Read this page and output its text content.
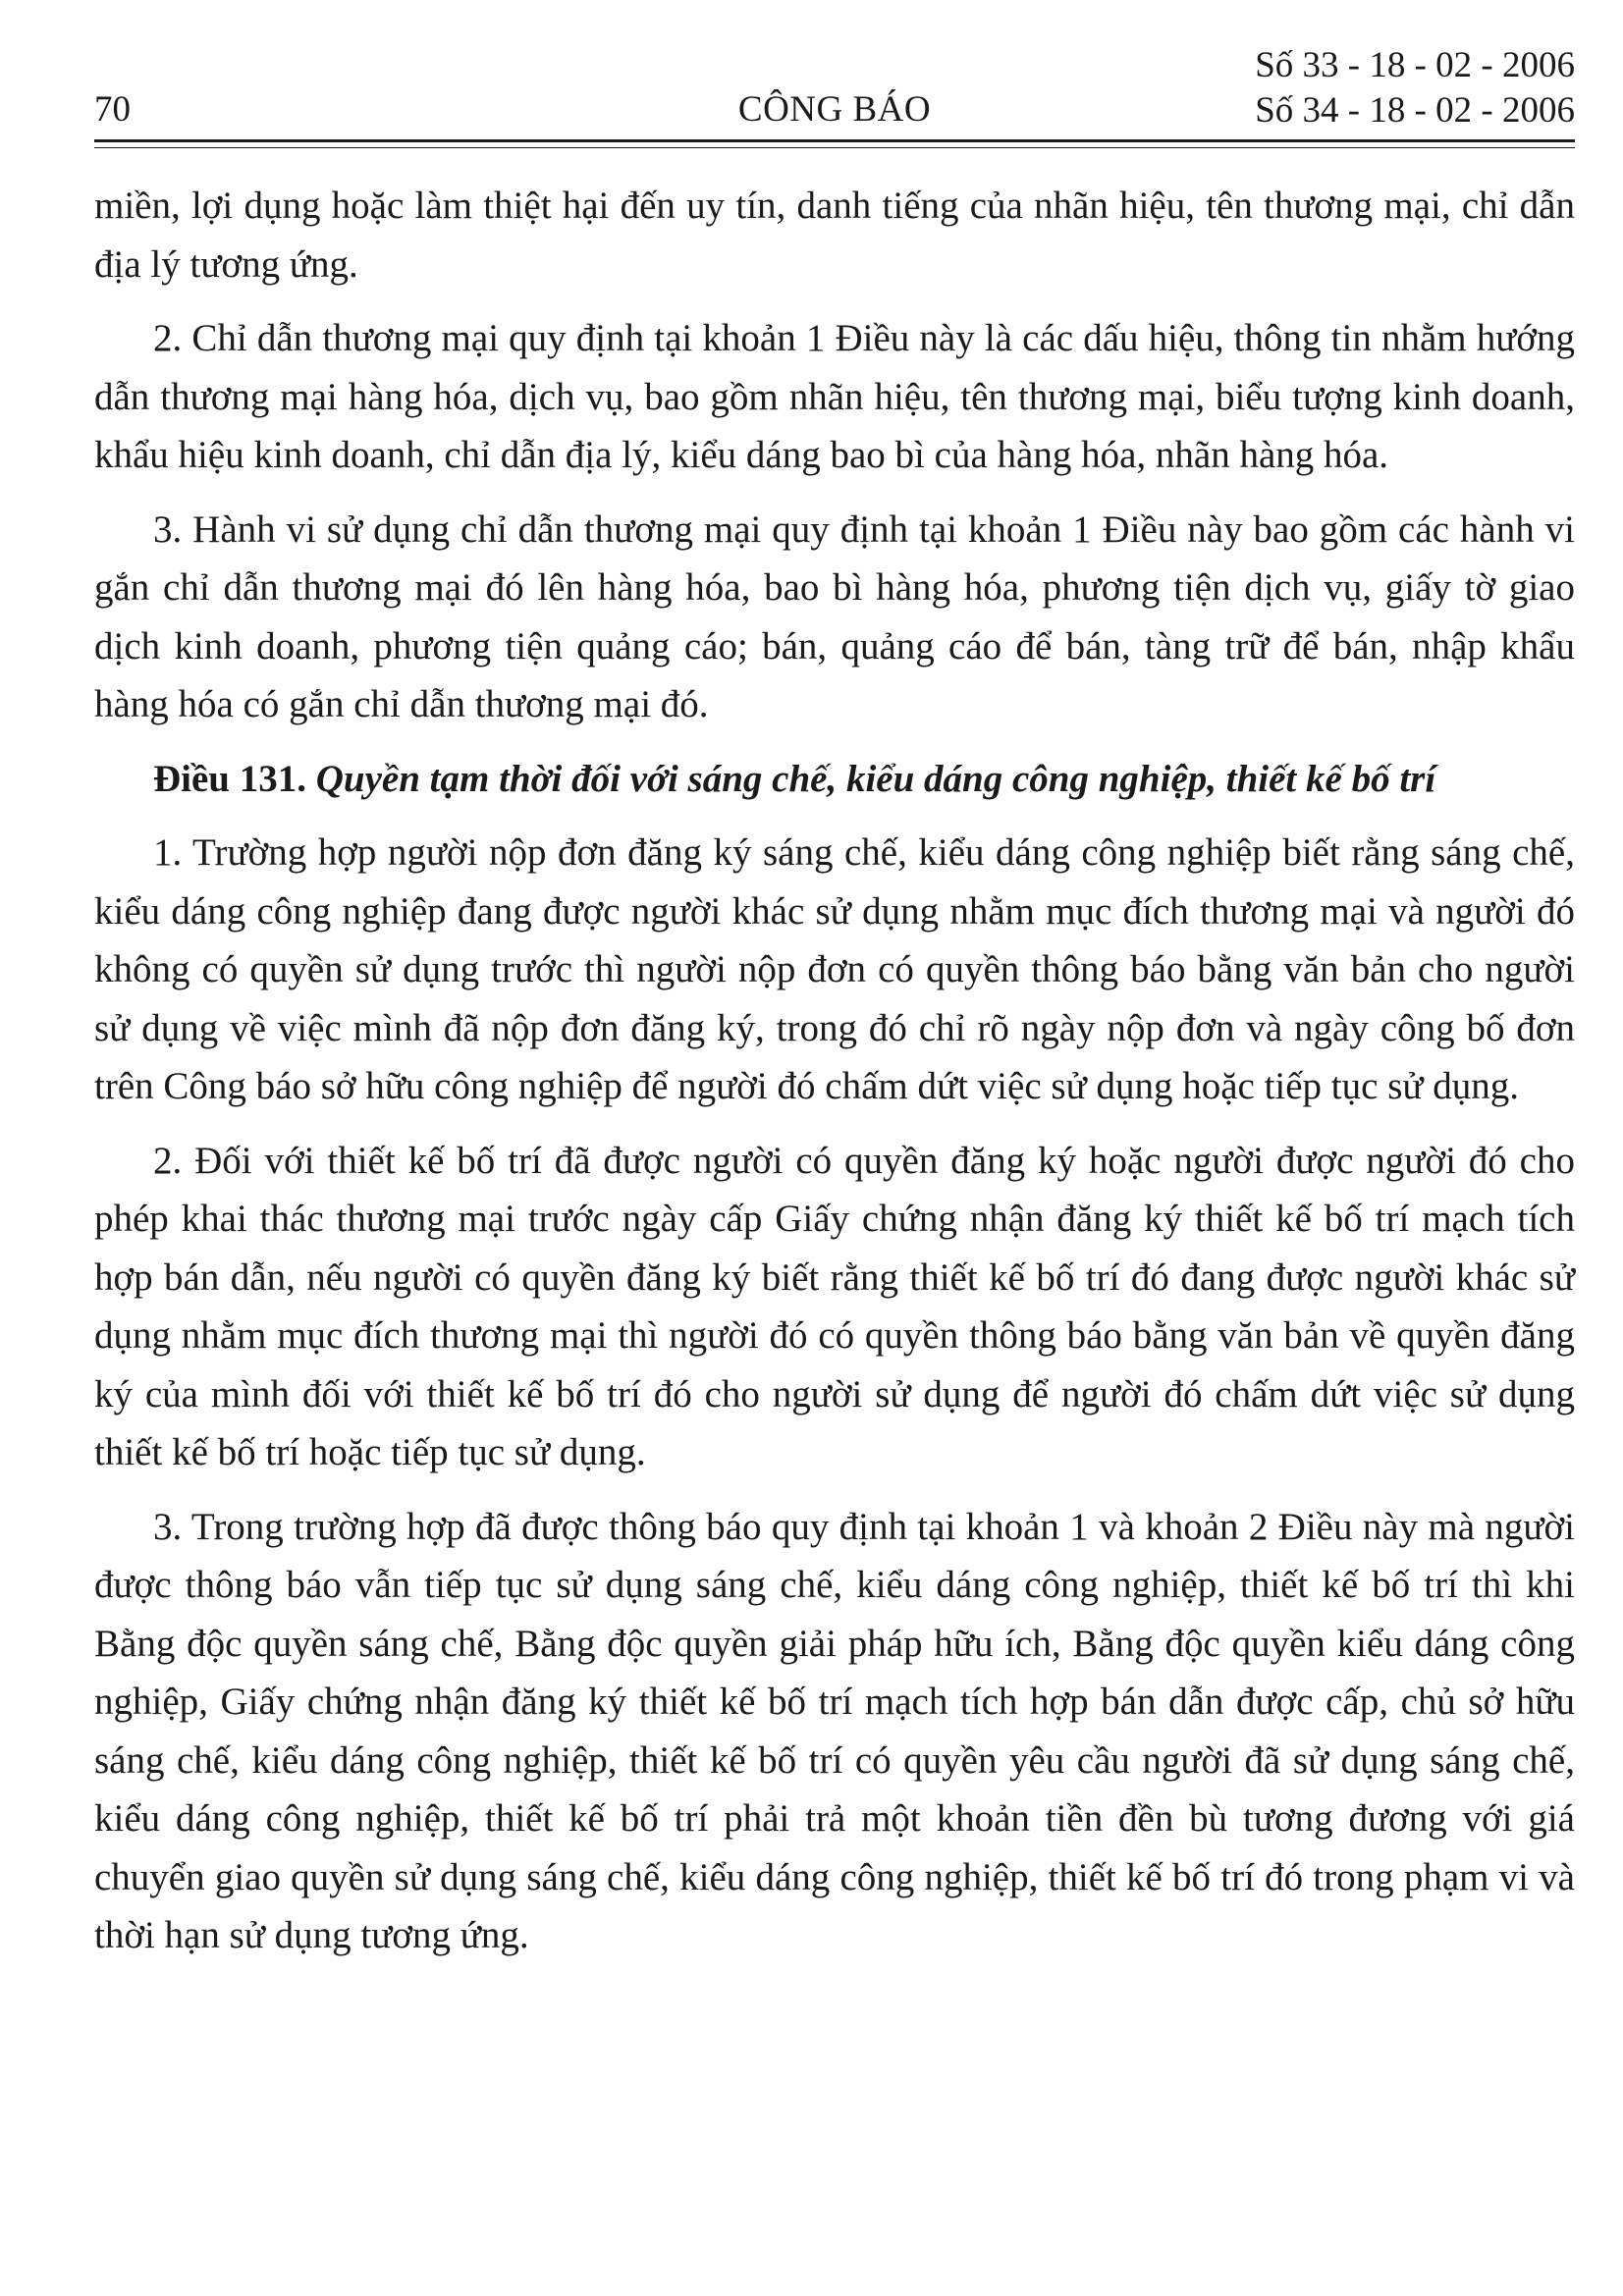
70	CÔNG BÁO
Số 33 - 18 - 02 - 2006
Số 34 - 18 - 02 - 2006

miền, lợi dụng hoặc làm thiệt hại đến uy tín, danh tiếng của nhãn hiệu, tên thương mại, chỉ dẫn địa lý tương ứng.

2. Chỉ dẫn thương mại quy định tại khoản 1 Điều này là các dấu hiệu, thông tin nhằm hướng dẫn thương mại hàng hóa, dịch vụ, bao gồm nhãn hiệu, tên thương mại, biểu tượng kinh doanh, khẩu hiệu kinh doanh, chỉ dẫn địa lý, kiểu dáng bao bì của hàng hóa, nhãn hàng hóa.

3. Hành vi sử dụng chỉ dẫn thương mại quy định tại khoản 1 Điều này bao gồm các hành vi gắn chỉ dẫn thương mại đó lên hàng hóa, bao bì hàng hóa, phương tiện dịch vụ, giấy tờ giao dịch kinh doanh, phương tiện quảng cáo; bán, quảng cáo để bán, tàng trữ để bán, nhập khẩu hàng hóa có gắn chỉ dẫn thương mại đó.

Điều 131. Quyền tạm thời đối với sáng chế, kiểu dáng công nghiệp, thiết kế bố trí

1. Trường hợp người nộp đơn đăng ký sáng chế, kiểu dáng công nghiệp biết rằng sáng chế, kiểu dáng công nghiệp đang được người khác sử dụng nhằm mục đích thương mại và người đó không có quyền sử dụng trước thì người nộp đơn có quyền thông báo bằng văn bản cho người sử dụng về việc mình đã nộp đơn đăng ký, trong đó chỉ rõ ngày nộp đơn và ngày công bố đơn trên Công báo sở hữu công nghiệp để người đó chấm dứt việc sử dụng hoặc tiếp tục sử dụng.

2. Đối với thiết kế bố trí đã được người có quyền đăng ký hoặc người được người đó cho phép khai thác thương mại trước ngày cấp Giấy chứng nhận đăng ký thiết kế bố trí mạch tích hợp bán dẫn, nếu người có quyền đăng ký biết rằng thiết kế bố trí đó đang được người khác sử dụng nhằm mục đích thương mại thì người đó có quyền thông báo bằng văn bản về quyền đăng ký của mình đối với thiết kế bố trí đó cho người sử dụng để người đó chấm dứt việc sử dụng thiết kế bố trí hoặc tiếp tục sử dụng.

3. Trong trường hợp đã được thông báo quy định tại khoản 1 và khoản 2 Điều này mà người được thông báo vẫn tiếp tục sử dụng sáng chế, kiểu dáng công nghiệp, thiết kế bố trí thì khi Bằng độc quyền sáng chế, Bằng độc quyền giải pháp hữu ích, Bằng độc quyền kiểu dáng công nghiệp, Giấy chứng nhận đăng ký thiết kế bố trí mạch tích hợp bán dẫn được cấp, chủ sở hữu sáng chế, kiểu dáng công nghiệp, thiết kế bố trí có quyền yêu cầu người đã sử dụng sáng chế, kiểu dáng công nghiệp, thiết kế bố trí phải trả một khoản tiền đền bù tương đương với giá chuyển giao quyền sử dụng sáng chế, kiểu dáng công nghiệp, thiết kế bố trí đó trong phạm vi và thời hạn sử dụng tương ứng.
